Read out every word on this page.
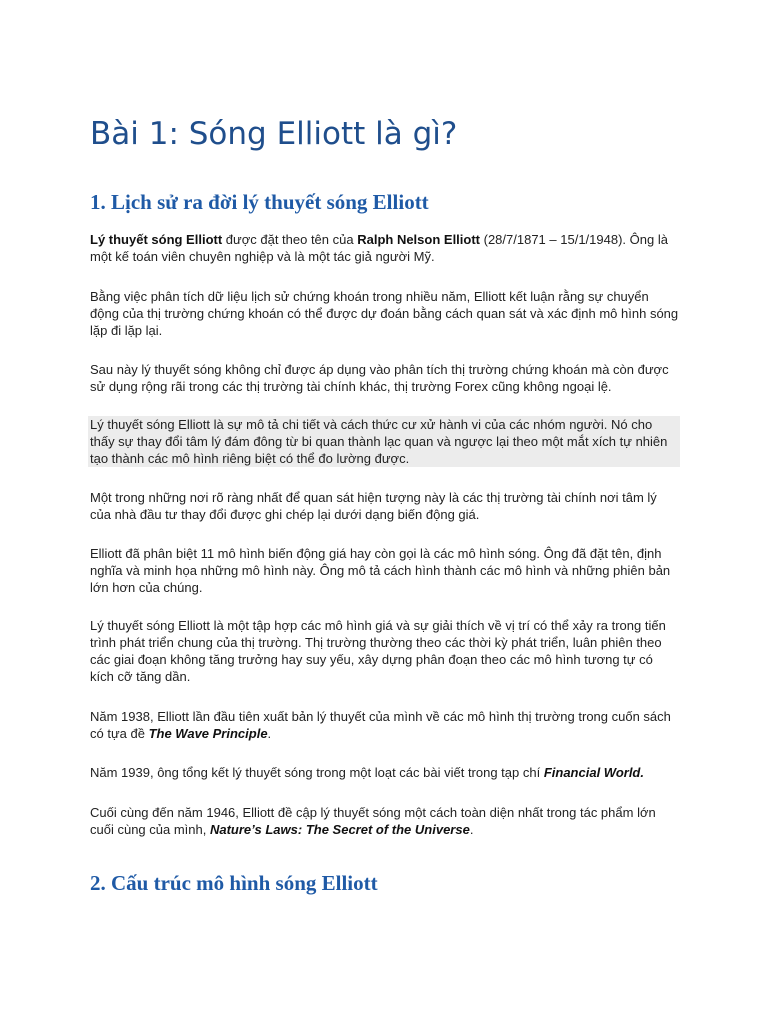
Bài 1: Sóng Elliott là gì?
1. Lịch sử ra đời lý thuyết sóng Elliott

Lý thuyết sóng Elliott được đặt theo tên của Ralph Nelson Elliott (28/7/1871 – 15/1/1948). Ông là một kế toán viên chuyên nghiệp và là một tác giả người Mỹ.

Bằng việc phân tích dữ liệu lịch sử chứng khoán trong nhiều năm, Elliott kết luận rằng sự chuyển động của thị trường chứng khoán có thể được dự đoán bằng cách quan sát và xác định mô hình sóng lặp đi lặp lại.

Sau này lý thuyết sóng không chỉ được áp dụng vào phân tích thị trường chứng khoán mà còn được sử dụng rộng rãi trong các thị trường tài chính khác, thị trường Forex cũng không ngoại lệ.

Lý thuyết sóng Elliott là sự mô tả chi tiết và cách thức cư xử hành vi của các nhóm người. Nó cho thấy sự thay đổi tâm lý đám đông từ bi quan thành lạc quan và ngược lại theo một mắt xích tự nhiên tạo thành các mô hình riêng biệt có thể đo lường được.

Một trong những nơi rõ ràng nhất để quan sát hiện tượng này là các thị trường tài chính nơi tâm lý của nhà đầu tư thay đổi được ghi chép lại dưới dạng biến động giá.

Elliott đã phân biệt 11 mô hình biến động giá hay còn gọi là các mô hình sóng. Ông đã đặt tên, định nghĩa và minh họa những mô hình này. Ông mô tả cách hình thành các mô hình và những phiên bản lớn hơn của chúng.

Lý thuyết sóng Elliott là một tập hợp các mô hình giá và sự giải thích về vị trí có thể xảy ra trong tiến trình phát triển chung của thị trường. Thị trường thường theo các thời kỳ phát triển, luân phiên theo các giai đoạn không tăng trưởng hay suy yếu, xây dựng phân đoạn theo các mô hình tương tự có kích cỡ tăng dần.

Năm 1938, Elliott lần đầu tiên xuất bản lý thuyết của mình về các mô hình thị trường trong cuốn sách có tựa đề The Wave Principle.

Năm 1939, ông tổng kết lý thuyết sóng trong một loạt các bài viết trong tạp chí Financial World.

Cuối cùng đến năm 1946, Elliott đề cập lý thuyết sóng một cách toàn diện nhất trong tác phẩm lớn cuối cùng của mình, Nature’s Laws: The Secret of the Universe.

2. Cấu trúc mô hình sóng Elliott
